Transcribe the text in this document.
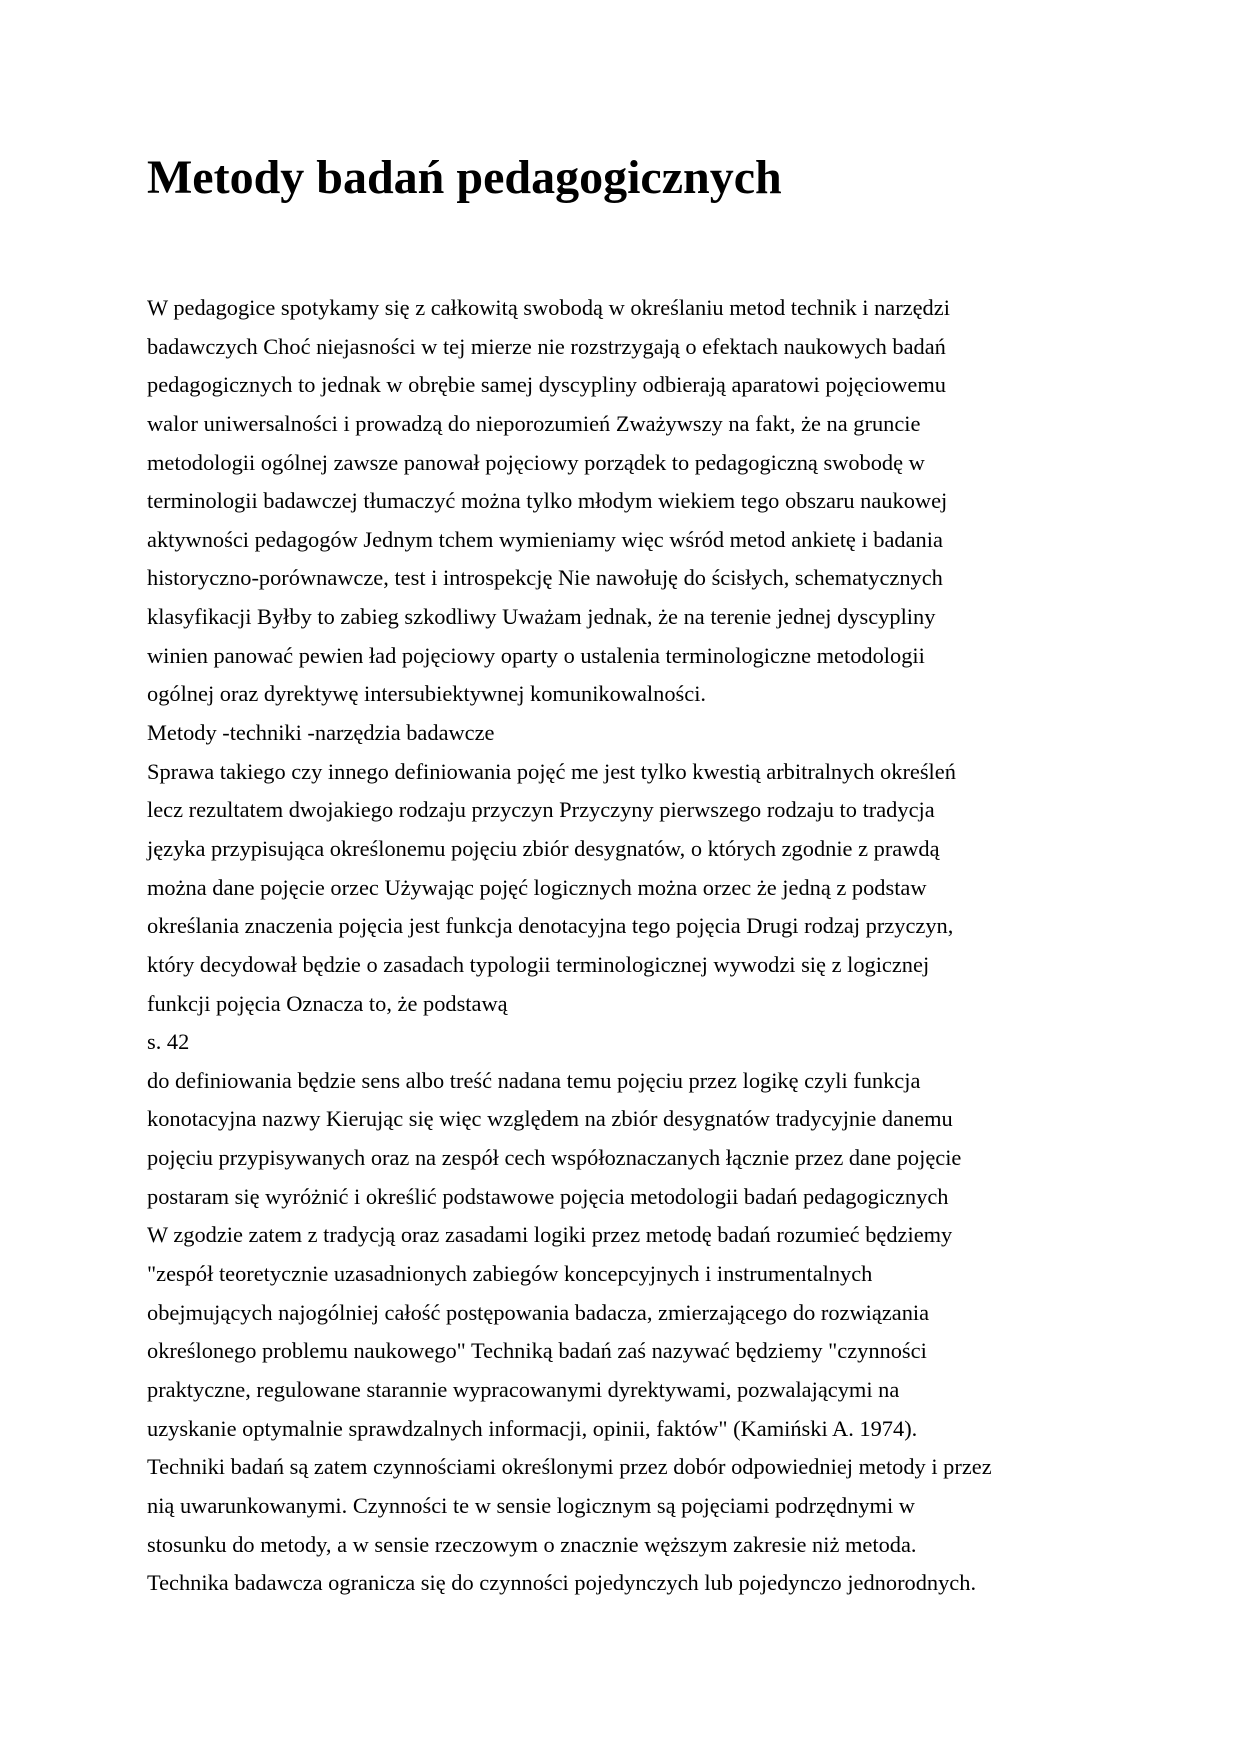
Metody badań pedagogicznych
W pedagogice spotykamy się z całkowitą swobodą w określaniu metod technik i narzędzi
badawczych Choć niejasności w tej mierze nie rozstrzygają o efektach naukowych badań
pedagogicznych to jednak w obrębie samej dyscypliny odbierają aparatowi pojęciowemu
walor uniwersalności i prowadzą do nieporozumień Zważywszy na fakt, że na gruncie
metodologii ogólnej zawsze panował pojęciowy porządek to pedagogiczną swobodę w
terminologii badawczej tłumaczyć można tylko młodym wiekiem tego obszaru naukowej
aktywności pedagogów Jednym tchem wymieniamy więc wśród metod ankietę i badania
historyczno-porównawcze, test i introspekcję Nie nawołuję do ścisłych, schematycznych
klasyfikacji Byłby to zabieg szkodliwy Uważam jednak, że na terenie jednej dyscypliny
winien panować pewien ład pojęciowy oparty o ustalenia terminologiczne metodologii
ogólnej oraz dyrektywę intersubiektywnej komunikowalności.
Metody -techniki -narzędzia badawcze
Sprawa takiego czy innego definiowania pojęć me jest tylko kwestią arbitralnych określeń
lecz rezultatem dwojakiego rodzaju przyczyn Przyczyny pierwszego rodzaju to tradycja
języka przypisująca określonemu pojęciu zbiór desygnatów, o których zgodnie z prawdą
można dane pojęcie orzec Używając pojęć logicznych można orzec że jedną z podstaw
określania znaczenia pojęcia jest funkcja denotacyjna tego pojęcia Drugi rodzaj przyczyn,
który decydował będzie o zasadach typologii terminologicznej wywodzi się z logicznej
funkcji pojęcia Oznacza to, że podstawą
s. 42
do definiowania będzie sens albo treść nadana temu pojęciu przez logikę czyli funkcja
konotacyjna nazwy Kierując się więc względem na zbiór desygnatów tradycyjnie danemu
pojęciu przypisywanych oraz na zespół cech współoznaczanych łącznie przez dane pojęcie
postaram się wyróżnić i określić podstawowe pojęcia metodologii badań pedagogicznych
W zgodzie zatem z tradycją oraz zasadami logiki przez metodę badań rozumieć będziemy
"zespół teoretycznie uzasadnionych zabiegów koncepcyjnych i instrumentalnych
obejmujących najogólniej całość postępowania badacza, zmierzającego do rozwiązania
określonego problemu naukowego" Techniką badań zaś nazywać będziemy "czynności
praktyczne, regulowane starannie wypracowanymi dyrektywami, pozwalającymi na
uzyskanie optymalnie sprawdzalnych informacji, opinii, faktów" (Kamiński A. 1974).
Techniki badań są zatem czynnościami określonymi przez dobór odpowiedniej metody i przez
nią uwarunkowanymi. Czynności te w sensie logicznym są pojęciami podrzędnymi w
stosunku do metody, a w sensie rzeczowym o znacznie węższym zakresie niż metoda.
Technika badawcza ogranicza się do czynności pojedynczych lub pojedynczo jednorodnych.
